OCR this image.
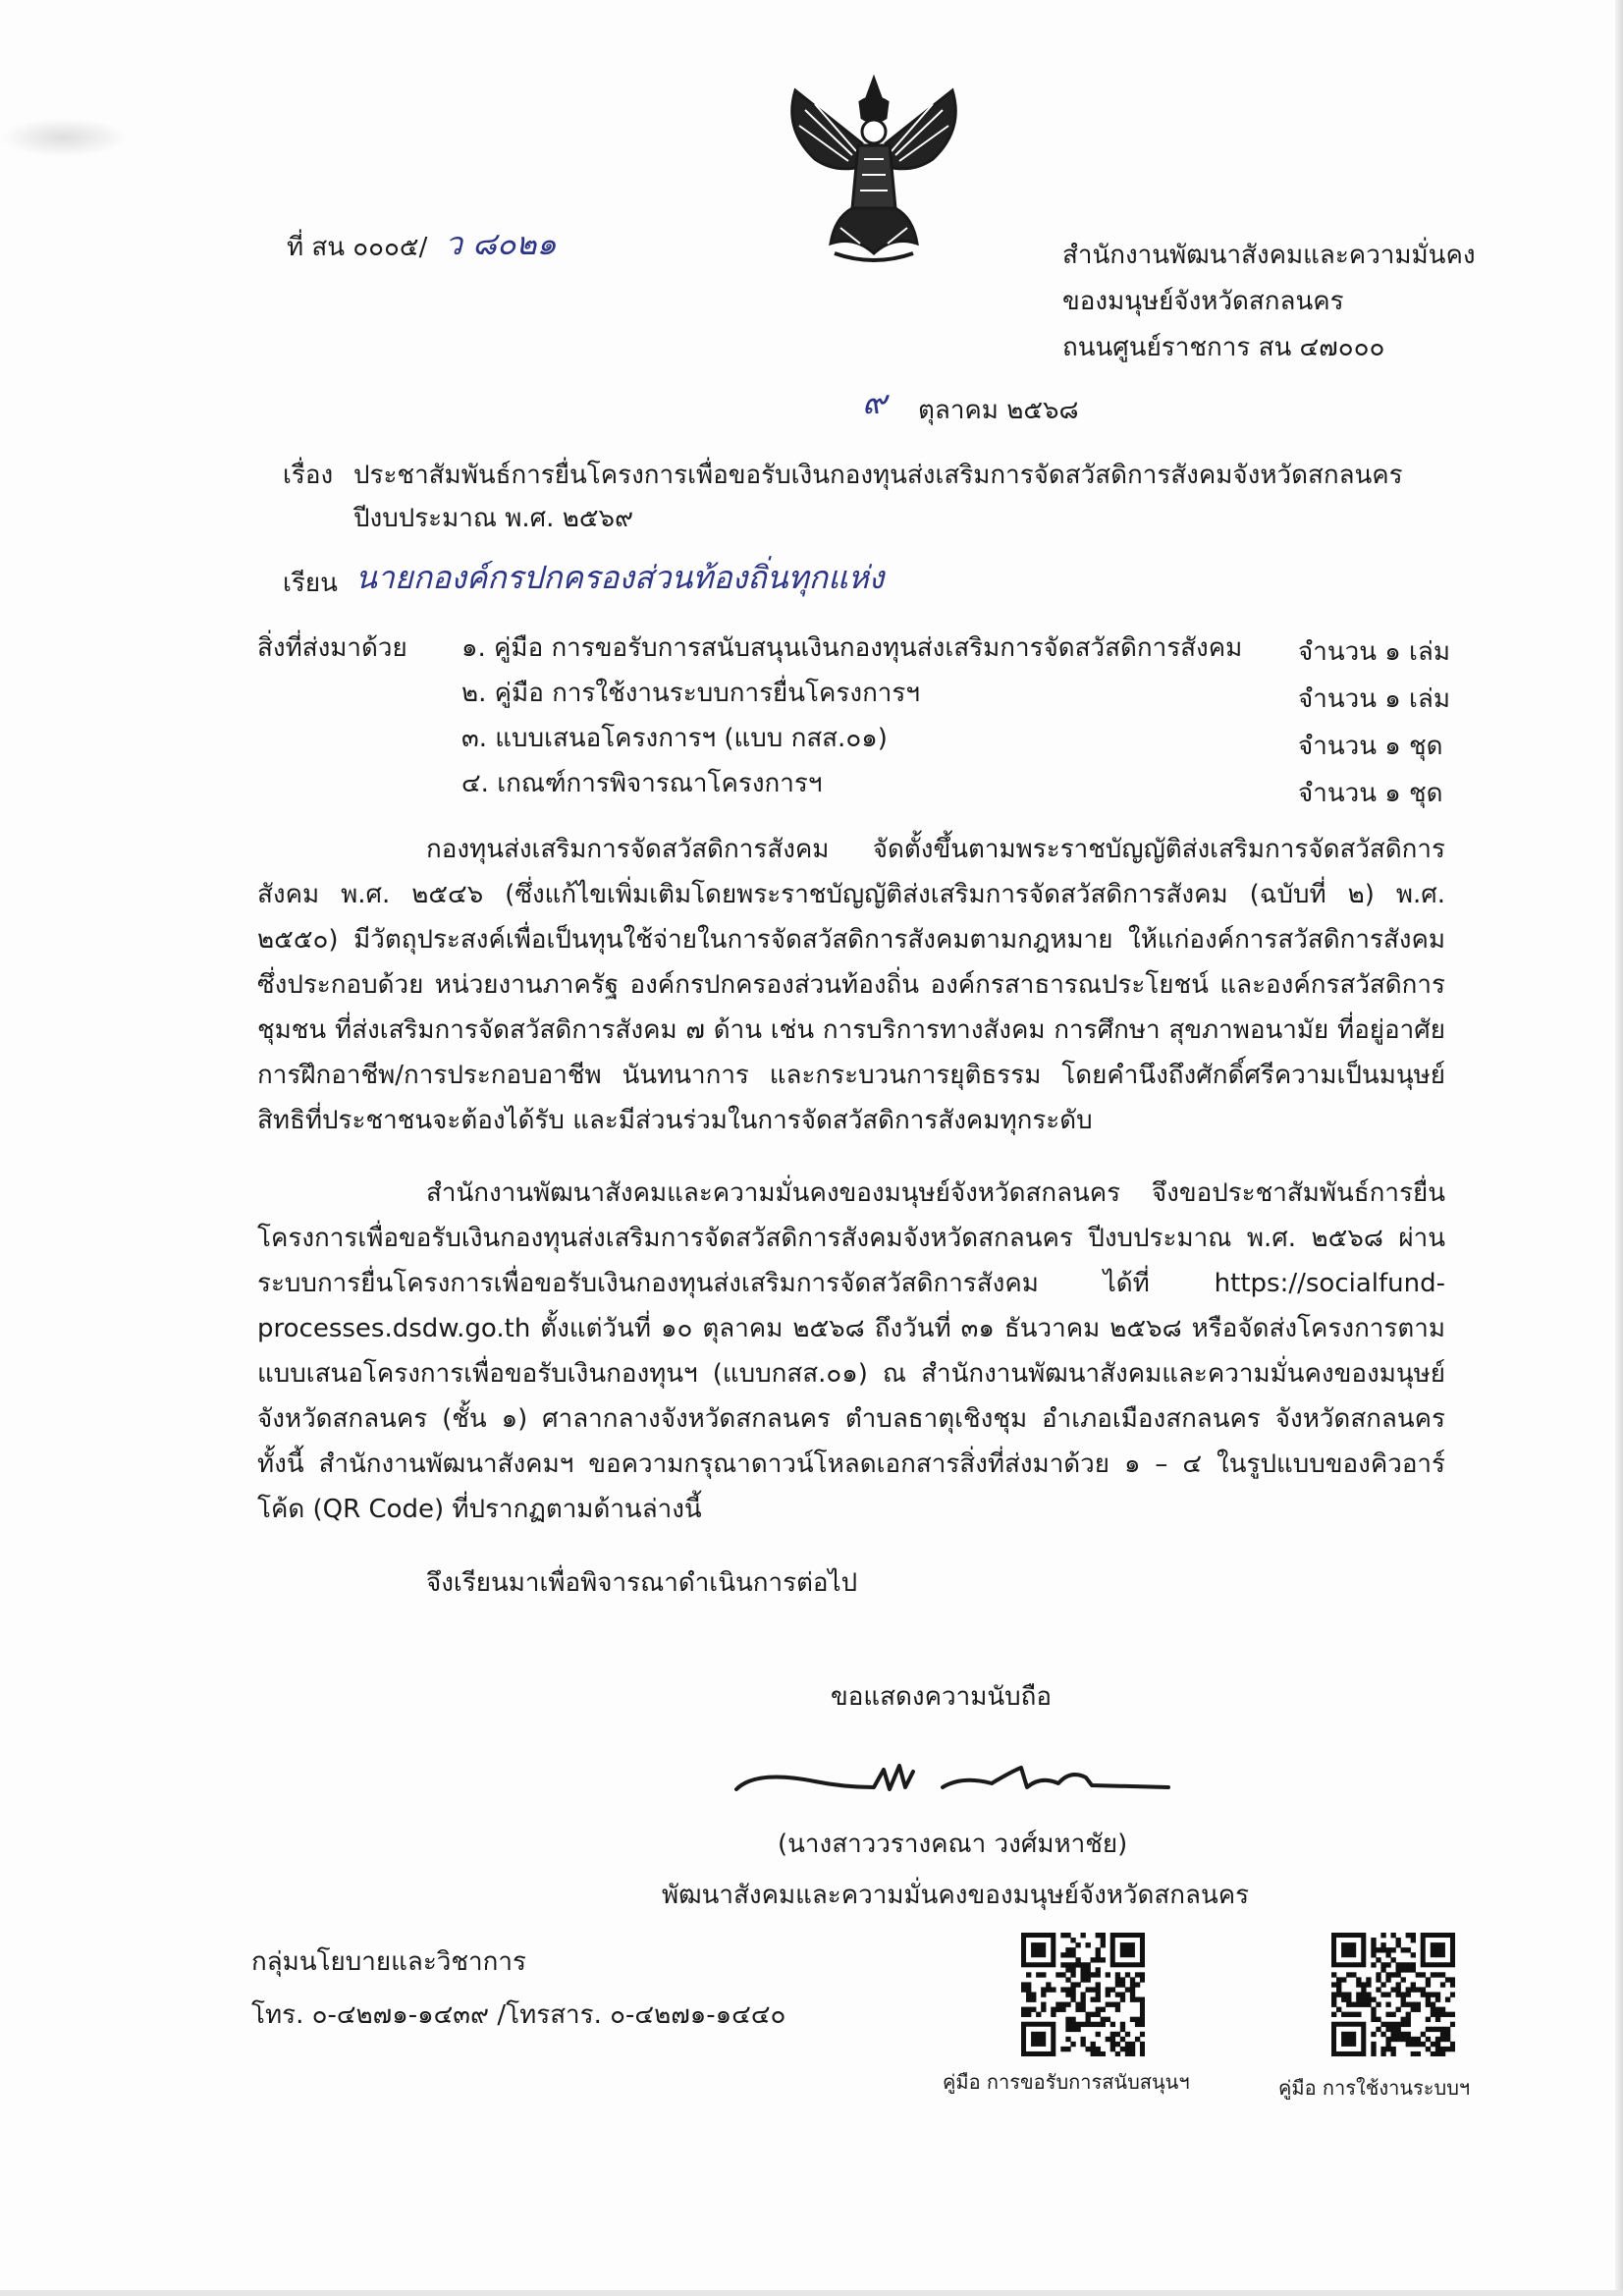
ที่ สน ๐๐๐๕/ ว ๘๐๒๑	สำนักงานพัฒนาสังคมและความมั่นคง
ของมนุษย์จังหวัดสกลนคร
ถนนศูนย์ราชการ สน ๔๗๐๐๐
๙ ตุลาคม ๒๕๖๘
เรื่อง ประชาสัมพันธ์การยื่นโครงการเพื่อขอรับเงินกองทุนส่งเสริมการจัดสวัสดิการสังคมจังหวัดสกลนคร
ปีงบประมาณ พ.ศ. ๒๕๖๙
เรียน นายกองค์กรปกครองส่วนท้องถิ่นทุกแห่ง
สิ่งที่ส่งมาด้วย ๑. คู่มือ การขอรับการสนับสนุนเงินกองทุนส่งเสริมการจัดสวัสดิการสังคม จำนวน ๑ เล่ม
๒. คู่มือ การใช้งานระบบการยื่นโครงการฯ	จำนวน ๑ เล่ม
๓. แบบเสนอโครงการฯ (แบบ กสส.๐๑)	จำนวน ๑ ชุด
๔. เกณฑ์การพิจารณาโครงการฯ	จำนวน ๑ ชุด

กองทุนส่งเสริมการจัดสวัสดิการสังคม จัดตั้งขึ้นตามพระราชบัญญัติส่งเสริมการจัดสวัสดิการสังคม พ.ศ. ๒๕๔๖ (ซึ่งแก้ไขเพิ่มเติมโดยพระราชบัญญัติส่งเสริมการจัดสวัสดิการสังคม (ฉบับที่ ๒) พ.ศ. ๒๕๕๐) มีวัตถุประสงค์เพื่อเป็นทุนใช้จ่ายในการจัดสวัสดิการสังคมตามกฎหมาย ให้แก่องค์การสวัสดิการสังคม ซึ่งประกอบด้วย หน่วยงานภาครัฐ องค์กรปกครองส่วนท้องถิ่น องค์กรสาธารณประโยชน์ และองค์กรสวัสดิการชุมชน ที่ส่งเสริมการจัดสวัสดิการสังคม ๗ ด้าน เช่น การบริการทางสังคม การศึกษา สุขภาพอนามัย ที่อยู่อาศัย การฝึกอาชีพ/การประกอบอาชีพ นันทนาการ และกระบวนการยุติธรรม โดยคำนึงถึงศักดิ์ศรีความเป็นมนุษย์ สิทธิที่ประชาชนจะต้องได้รับ และมีส่วนร่วมในการจัดสวัสดิการสังคมทุกระดับ

สำนักงานพัฒนาสังคมและความมั่นคงของมนุษย์จังหวัดสกลนคร จึงขอประชาสัมพันธ์การยื่นโครงการเพื่อขอรับเงินกองทุนส่งเสริมการจัดสวัสดิการสังคมจังหวัดสกลนคร ปีงบประมาณ พ.ศ. ๒๕๖๘ ผ่านระบบการยื่นโครงการเพื่อขอรับเงินกองทุนส่งเสริมการจัดสวัสดิการสังคม ได้ที่ https://socialfund-processes.dsdw.go.th ตั้งแต่วันที่ ๑๐ ตุลาคม ๒๕๖๘ ถึงวันที่ ๓๑ ธันวาคม ๒๕๖๘ หรือจัดส่งโครงการตามแบบเสนอโครงการเพื่อขอรับเงินกองทุนฯ (แบบกสส.๐๑) ณ สำนักงานพัฒนาสังคมและความมั่นคงของมนุษย์จังหวัดสกลนคร (ชั้น ๑) ศาลากลางจังหวัดสกลนคร ตำบลธาตุเชิงชุม อำเภอเมืองสกลนคร จังหวัดสกลนคร ทั้งนี้ สำนักงานพัฒนาสังคมฯ ขอความกรุณาดาวน์โหลดเอกสารสิ่งที่ส่งมาด้วย ๑ – ๔ ในรูปแบบของคิวอาร์โค้ด (QR Code) ที่ปรากฏตามด้านล่างนี้

จึงเรียนมาเพื่อพิจารณาดำเนินการต่อไป
ขอแสดงความนับถือ
(นางสาววรางคณา วงศ์มหาชัย)
พัฒนาสังคมและความมั่นคงของมนุษย์จังหวัดสกลนคร
กลุ่มนโยบายและวิชาการ
โทร. ๐-๔๒๗๑-๑๔๓๙ /โทรสาร. ๐-๔๒๗๑-๑๔๔๐
คู่มือ การขอรับการสนับสนุนฯ	คู่มือ การใช้งานระบบฯ
